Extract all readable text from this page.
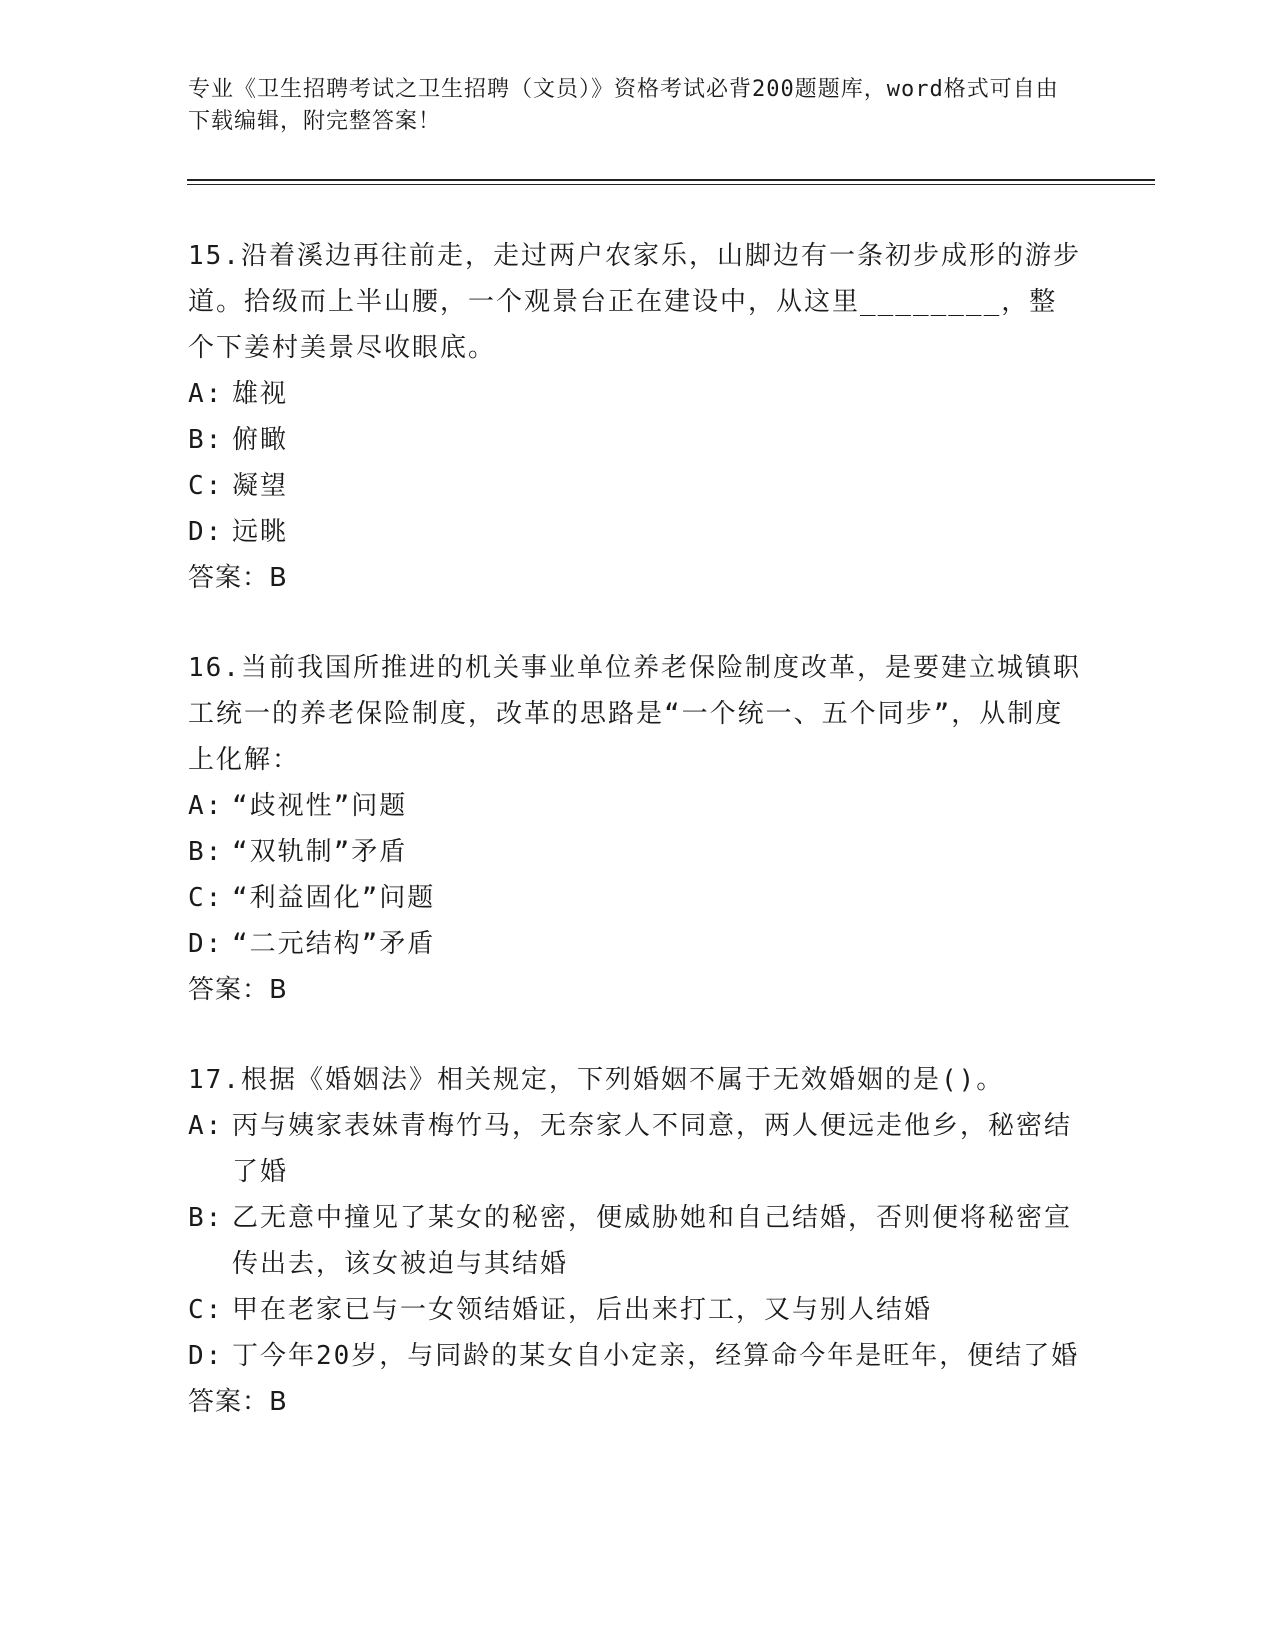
专业《卫生招聘考试之卫生招聘（文员）》资格考试必背200题题库，word格式可自由下载编辑，附完整答案！
15.沿着溪边再往前走，走过两户农家乐，山脚边有一条初步成形的游步道。拾级而上半山腰，一个观景台正在建设中，从这里________，整个下姜村美景尽收眼底。
A: 雄视
B: 俯瞰
C: 凝望
D: 远眺
答案：B
16.当前我国所推进的机关事业单位养老保险制度改革，是要建立城镇职工统一的养老保险制度，改革的思路是“一个统一、五个同步”，从制度上化解：
A: “歧视性”问题
B: “双轨制”矛盾
C: “利益固化”问题
D: “二元结构”矛盾
答案：B
17.根据《婚姻法》相关规定，下列婚姻不属于无效婚姻的是()。
A: 丙与姨家表妹青梅竹马，无奈家人不同意，两人便远走他乡，秘密结了婚
B: 乙无意中撞见了某女的秘密，便威胁她和自己结婚，否则便将秘密宣传出去，该女被迫与其结婚
C: 甲在老家已与一女领结婚证，后出来打工，又与别人结婚
D: 丁今年20岁，与同龄的某女自小定亲，经算命今年是旺年，便结了婚
答案：B
